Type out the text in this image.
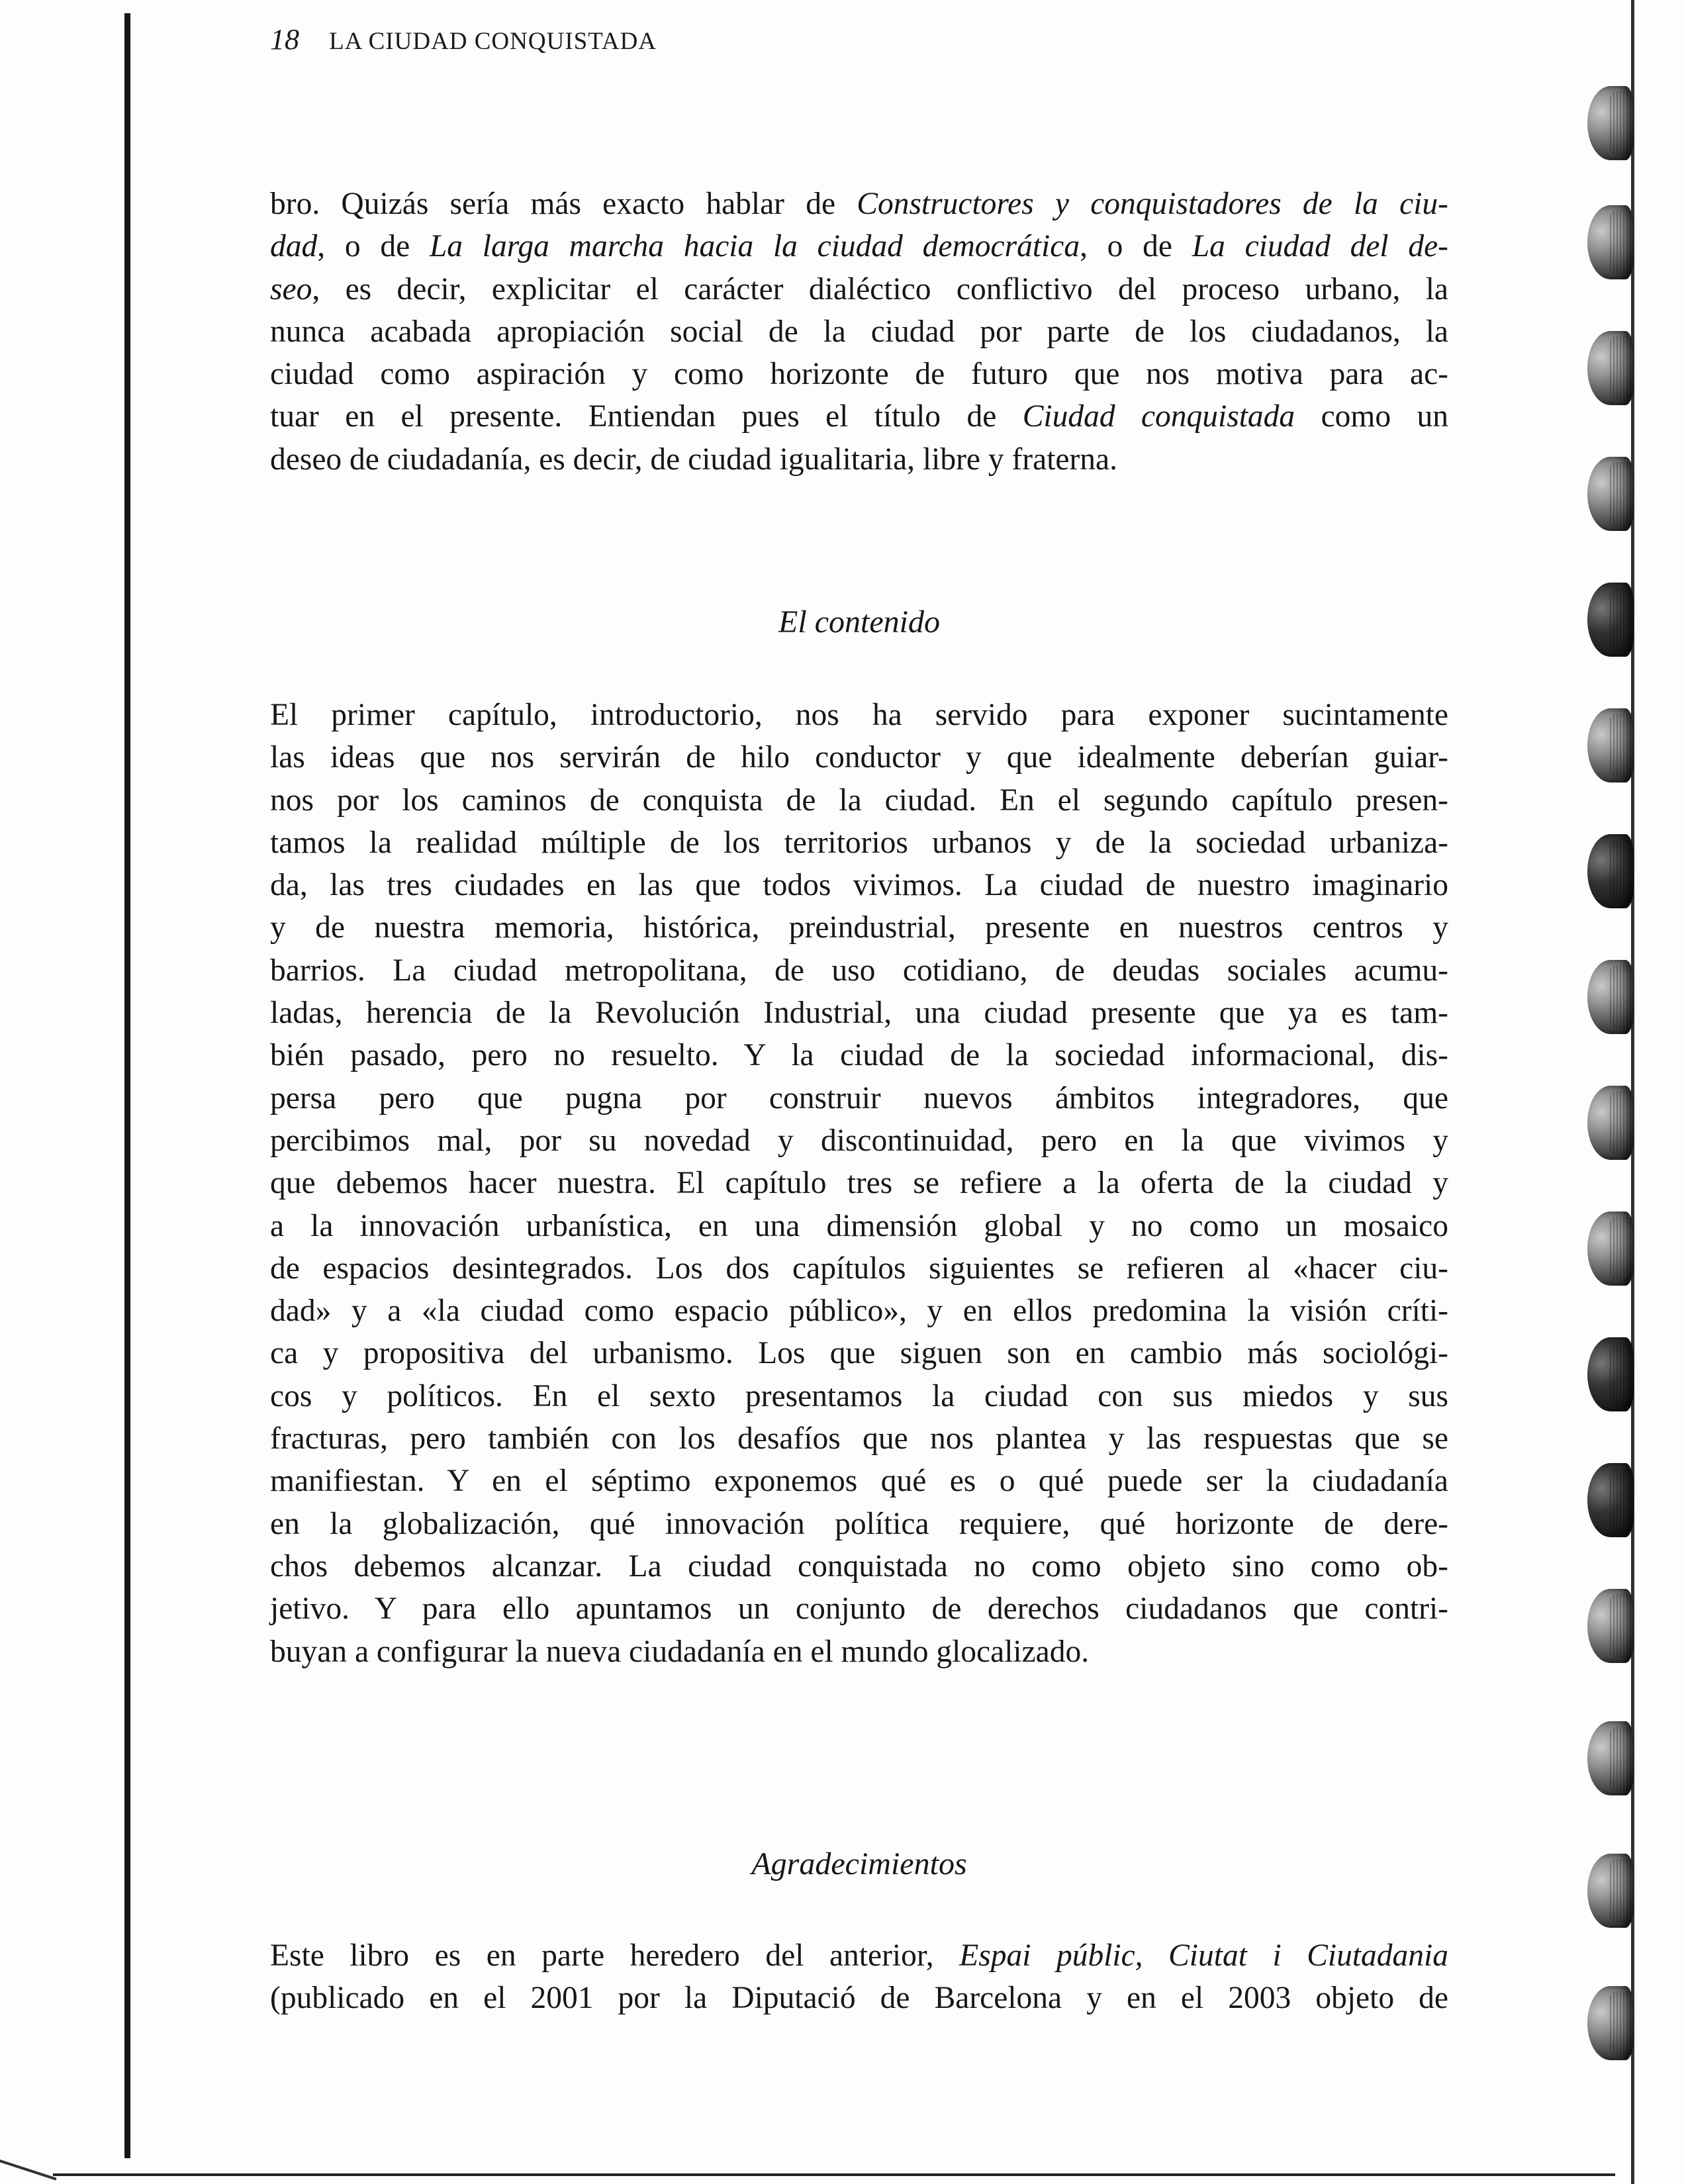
18 LA CIUDAD CONQUISTADA
bro. Quizás sería más exacto hablar de Constructores y conquistadores de la ciu-
dad, o de La larga marcha hacia la ciudad democrática, o de La ciudad del de-
seo, es decir, explicitar el carácter dialéctico conflictivo del proceso urbano, la
nunca acabada apropiación social de la ciudad por parte de los ciudadanos, la
ciudad como aspiración y como horizonte de futuro que nos motiva para ac-
tuar en el presente. Entiendan pues el título de Ciudad conquistada como un
deseo de ciudadanía, es decir, de ciudad igualitaria, libre y fraterna.
El contenido
El primer capítulo, introductorio, nos ha servido para exponer sucintamente
las ideas que nos servirán de hilo conductor y que idealmente deberían guiar-
nos por los caminos de conquista de la ciudad. En el segundo capítulo presen-
tamos la realidad múltiple de los territorios urbanos y de la sociedad urbaniza-
da, las tres ciudades en las que todos vivimos. La ciudad de nuestro imaginario
y de nuestra memoria, histórica, preindustrial, presente en nuestros centros y
barrios. La ciudad metropolitana, de uso cotidiano, de deudas sociales acumu-
ladas, herencia de la Revolución Industrial, una ciudad presente que ya es tam-
bién pasado, pero no resuelto. Y la ciudad de la sociedad informacional, dis-
persa pero que pugna por construir nuevos ámbitos integradores, que
percibimos mal, por su novedad y discontinuidad, pero en la que vivimos y
que debemos hacer nuestra. El capítulo tres se refiere a la oferta de la ciudad y
a la innovación urbanística, en una dimensión global y no como un mosaico
de espacios desintegrados. Los dos capítulos siguientes se refieren al «hacer ciu-
dad» y a «la ciudad como espacio público», y en ellos predomina la visión críti-
ca y propositiva del urbanismo. Los que siguen son en cambio más sociológi-
cos y políticos. En el sexto presentamos la ciudad con sus miedos y sus
fracturas, pero también con los desafíos que nos plantea y las respuestas que se
manifiestan. Y en el séptimo exponemos qué es o qué puede ser la ciudadanía
en la globalización, qué innovación política requiere, qué horizonte de dere-
chos debemos alcanzar. La ciudad conquistada no como objeto sino como ob-
jetivo. Y para ello apuntamos un conjunto de derechos ciudadanos que contri-
buyan a configurar la nueva ciudadanía en el mundo glocalizado.
Agradecimientos
Este libro es en parte heredero del anterior, Espai públic, Ciutat i Ciutadania
(publicado en el 2001 por la Diputació de Barcelona y en el 2003 objeto de
